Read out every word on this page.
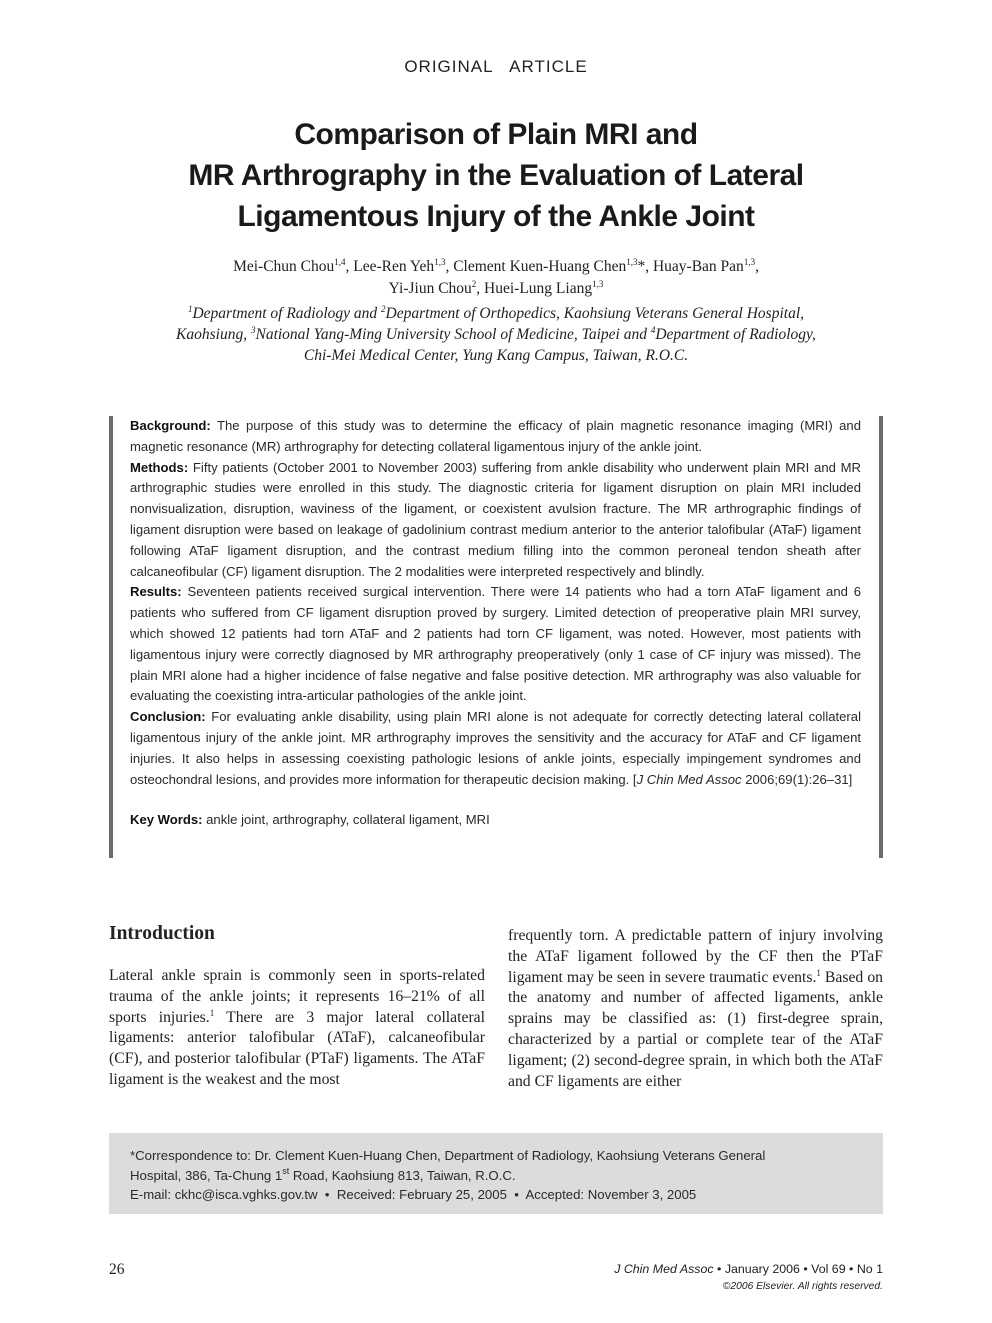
ORIGINAL   ARTICLE
Comparison of Plain MRI and
MR Arthrography in the Evaluation of Lateral
Ligamentous Injury of the Ankle Joint
Mei-Chun Chou$^{1,4}$, Lee-Ren Yeh$^{1,3}$, Clement Kuen-Huang Chen$^{1,3}$*, Huay-Ban Pan$^{1,3}$,
Yi-Jiun Chou$^2$, Huei-Lung Liang$^{1,3}$
$^1$Department of Radiology and $^2$Department of Orthopedics, Kaohsiung Veterans General Hospital,
Kaohsiung, $^3$National Yang-Ming University School of Medicine, Taipei and $^4$Department of Radiology,
Chi-Mei Medical Center, Yung Kang Campus, Taiwan, R.O.C.

Background: The purpose of this study was to determine the efficacy of plain magnetic resonance imaging (MRI) and magnetic resonance (MR) arthrography for detecting collateral ligamentous injury of the ankle joint.

Methods: Fifty patients (October 2001 to November 2003) suffering from ankle disability who underwent plain MRI and MR arthrographic studies were enrolled in this study. The diagnostic criteria for ligament disruption on plain MRI included nonvisualization, disruption, waviness of the ligament, or coexistent avulsion fracture. The MR arthrographic findings of ligament disruption were based on leakage of gadolinium contrast medium anterior to the anterior talofibular (ATaF) ligament following ATaF ligament disruption, and the contrast medium filling into the common peroneal tendon sheath after calcaneofibular (CF) ligament disruption. The 2 modalities were interpreted respectively and blindly.

Results: Seventeen patients received surgical intervention. There were 14 patients who had a torn ATaF ligament and 6 patients who suffered from CF ligament disruption proved by surgery. Limited detection of preoperative plain MRI survey, which showed 12 patients had torn ATaF and 2 patients had torn CF ligament, was noted. However, most patients with ligamentous injury were correctly diagnosed by MR arthrography preoperatively (only 1 case of CF injury was missed). The plain MRI alone had a higher incidence of false negative and false positive detection. MR arthrography was also valuable for evaluating the coexisting intra-articular pathologies of the ankle joint.

Conclusion: For evaluating ankle disability, using plain MRI alone is not adequate for correctly detecting lateral collateral ligamentous injury of the ankle joint. MR arthrography improves the sensitivity and the accuracy for ATaF and CF ligament injuries. It also helps in assessing coexisting pathologic lesions of ankle joints, especially impingement syndromes and osteochondral lesions, and provides more information for therapeutic decision making. [J Chin Med Assoc 2006;69(1):26–31]

Key Words: ankle joint, arthrography, collateral ligament, MRI

Introduction
Lateral ankle sprain is commonly seen in sports-related trauma of the ankle joints; it represents 16–21% of all sports injuries.$^1$ There are 3 major lateral collateral ligaments: anterior talofibular (ATaF), calcaneofibular (CF), and posterior talofibular (PTaF) ligaments. The ATaF ligament is the weakest and the most
frequently torn. A predictable pattern of injury involving the ATaF ligament followed by the CF then the PTaF ligament may be seen in severe traumatic events.$^1$ Based on the anatomy and number of affected ligaments, ankle sprains may be classified as: (1) first-degree sprain, characterized by a partial or complete tear of the ATaF ligament; (2) second-degree sprain, in which both the ATaF and CF ligaments are either
*Correspondence to: Dr. Clement Kuen-Huang Chen, Department of Radiology, Kaohsiung Veterans General
Hospital, 386, Ta-Chung 1st Road, Kaohsiung 813, Taiwan, R.O.C.
E-mail: ckhc@isca.vghks.gov.tw  •  Received: February 25, 2005  •  Accepted: November 3, 2005
26	J Chin Med Assoc • January 2006 • Vol 69 • No 1
©2006 Elsevier. All rights reserved.
